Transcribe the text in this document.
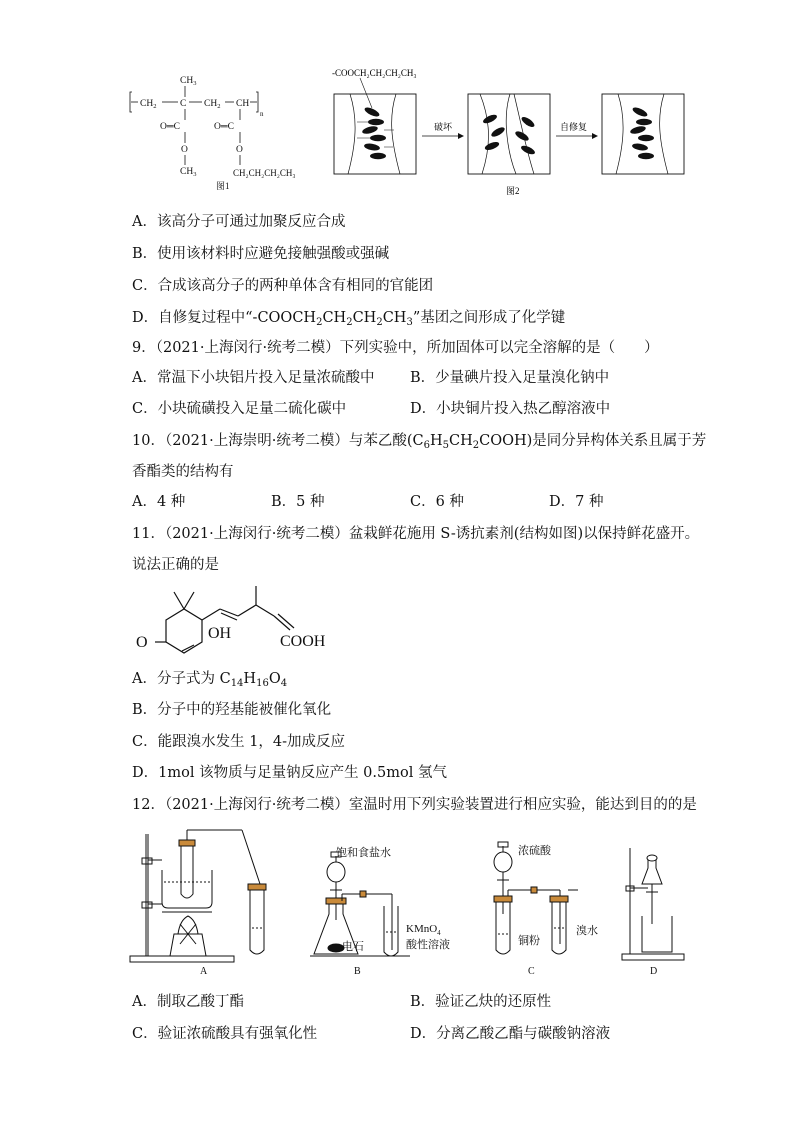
$CH_3$
$CH_2$ C $CH_2$ CH
n
O═C
O
$CH_3$
O═C
O
CH₂CH₂CH₂CH₃
图1
-COOCH₂CH₂CH₂CH₃
破坏	自修复
图2
A．该高分子可通过加聚反应合成
B．使用该材料时应避免接触强酸或强碱
C．合成该高分子的两种单体含有相同的官能团
D．自修复过程中“$-COOCH_2CH_2CH_2CH_3$”基团之间形成了化学键
9．（2021·上海闵行·统考二模）下列实验中，所加固体可以完全溶解的是（　　）
A．常温下小块铝片投入足量浓硫酸中 B．少量碘片投入足量溴化钠中
C．小块硫磺投入足量二硫化碳中	D．小块铜片投入热乙醇溶液中
10．（2021·上海崇明·统考二模）与苯乙酸$(C_6H_5CH_2COOH)$是同分异构体关系且属于芳
香酯类的结构有
A．4 种	B．5 种	C．6 种	D．7 种
11．（2021·上海闵行·统考二模）盆栽鲜花施用 S-诱抗素剂(结构如图)以保持鲜花盛开。
说法正确的是
O
OH	COOH
A．分子式为 $C_{14}H_{16}O_4$
B．分子中的羟基能被催化氧化
C．能跟溴水发生 1，4-加成反应
D．1mol 该物质与足量钠反应产生 0.5mol 氢气
12．（2021·上海闵行·统考二模）室温时用下列实验装置进行相应实验，能达到目的的是
饱和食盐水
电石
KMnO$_4$
酸性溶液
浓硫酸
铜粉
溴水
A	B	C	D
A．制取乙酸丁酯	B．验证乙炔的还原性
C．验证浓硫酸具有强氧化性	D．分离乙酸乙酯与碳酸钠溶液
